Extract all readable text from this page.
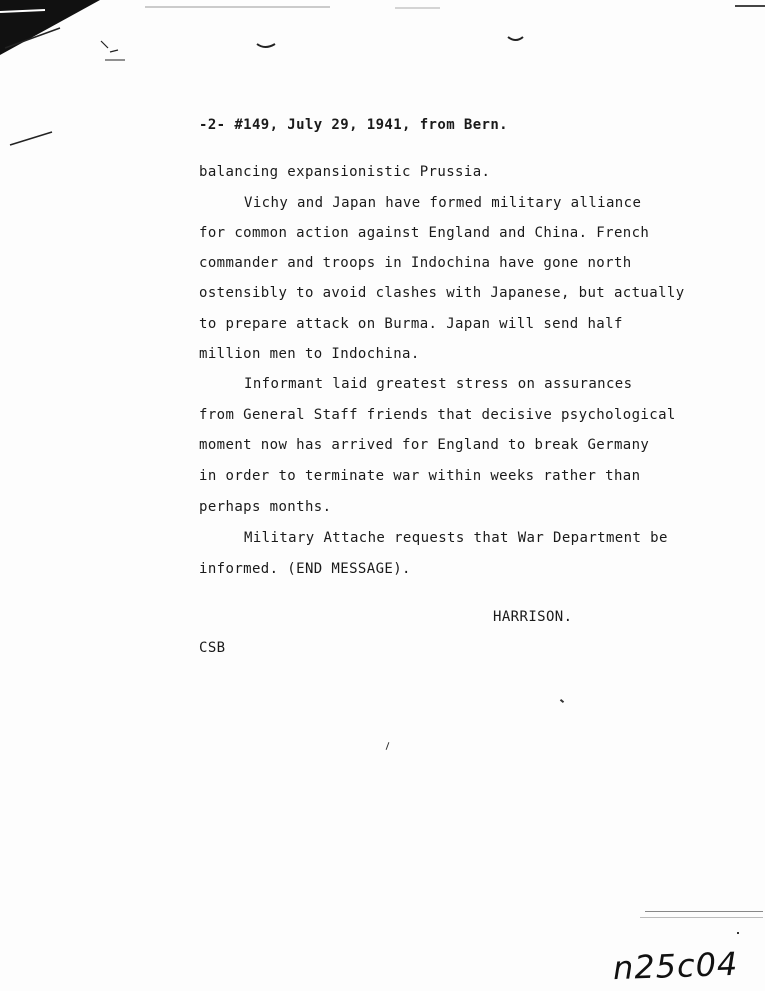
-2- #149, July 29, 1941, from Bern.
balancing expansionistic Prussia.
Vichy and Japan have formed military alliance
for common action against England and China. French
commander and troops in Indochina have gone north
ostensibly to avoid clashes with Japanese, but actually
to prepare attack on Burma. Japan will send half
million men to Indochina.
Informant laid greatest stress on assurances
from General Staff friends that decisive psychological
moment now has arrived for England to break Germany
in order to terminate war within weeks rather than
perhaps months.
Military Attache requests that War Department be
informed. (END MESSAGE).
HARRISON.
CSB
n25c04
